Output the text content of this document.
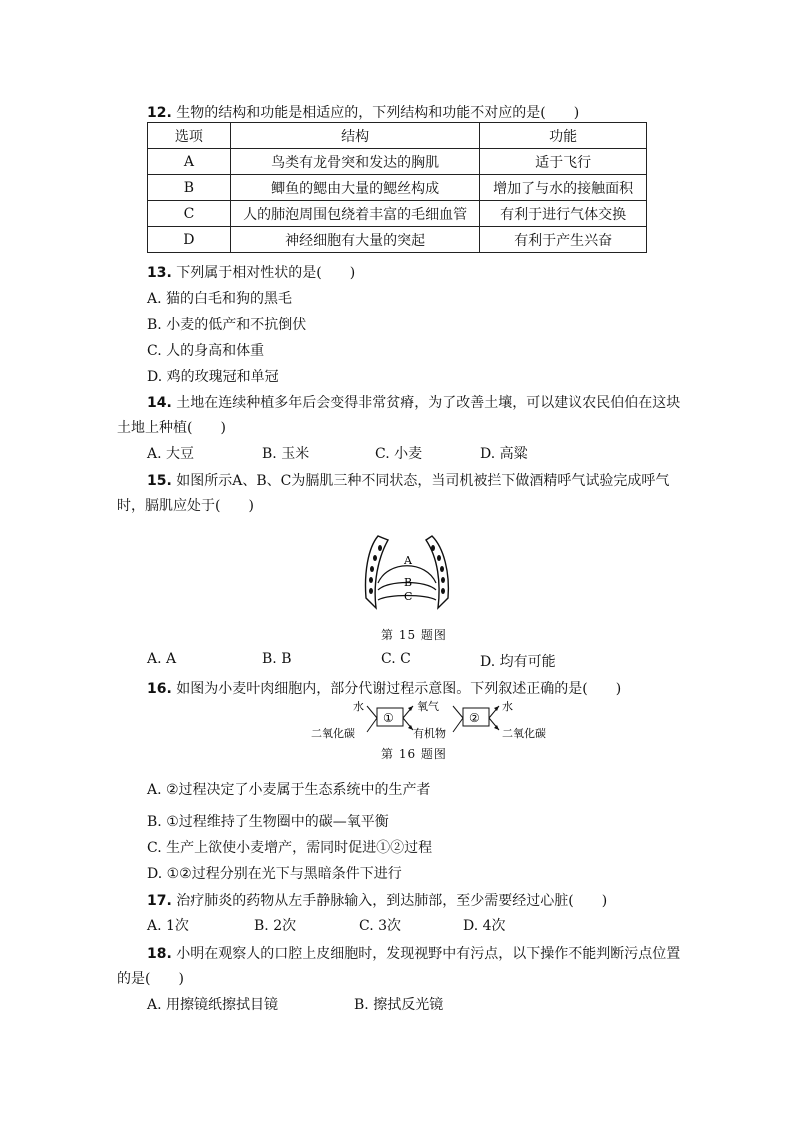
12. 生物的结构和功能是相适应的，下列结构和功能不对应的是(　　)
选项	结构	功能
A	鸟类有龙骨突和发达的胸肌	适于飞行
B	鲫鱼的鳃由大量的鳃丝构成	增加了与水的接触面积
C	人的肺泡周围包绕着丰富的毛细血管	有利于进行气体交换
D	神经细胞有大量的突起	有利于产生兴奋
13. 下列属于相对性状的是(　　)
A. 猫的白毛和狗的黑毛
B. 小麦的低产和不抗倒伏
C. 人的身高和体重
D. 鸡的玫瑰冠和单冠
14. 土地在连续种植多年后会变得非常贫瘠，为了改善土壤，可以建议农民伯伯在这块
土地上种植(　　)
A. 大豆	B. 玉米	C. 小麦	D. 高粱
15. 如图所示A、B、C为膈肌三种不同状态，当司机被拦下做酒精呼气试验完成呼气
时，膈肌应处于(　　)
A
B
C
第 15 题图
A. A	B. B	C. C	D. 均有可能
16. 如图为小麦叶肉细胞内，部分代谢过程示意图。下列叙述正确的是(　　)
水
二氧化碳
①
氧气
有机物
②
水
二氧化碳
第 16 题图
A. ②过程决定了小麦属于生态系统中的生产者
B. ①过程维持了生物圈中的碳—氧平衡
C. 生产上欲使小麦增产，需同时促进①②过程
D. ①②过程分别在光下与黑暗条件下进行
17. 治疗肺炎的药物从左手静脉输入，到达肺部，至少需要经过心脏(　　)
A. 1次	B. 2次	C. 3次	D. 4次
18. 小明在观察人的口腔上皮细胞时，发现视野中有污点，以下操作不能判断污点位置
的是(　　)
A. 用擦镜纸擦拭目镜	B. 擦拭反光镜
